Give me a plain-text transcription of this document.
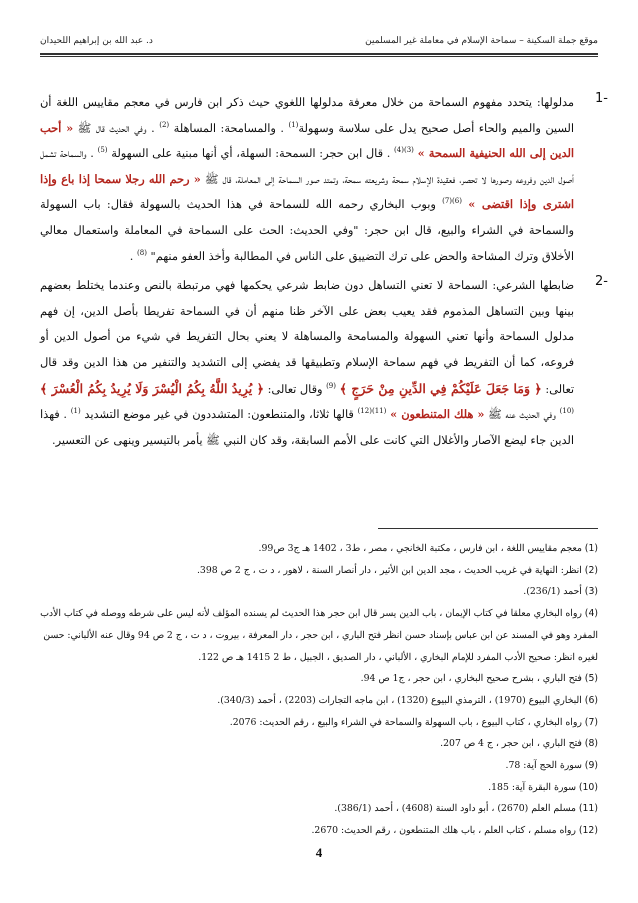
موقع جملة السكينة – سماحة الإسلام في معاملة غير المسلمين
د. عبد الله بن إبراهيم اللحيدان
-1

مدلولها: يتحدد مفهوم السماحة من خلال معرفة مدلولها اللغوي حيث ذكر ابن فارس في معجم مقاييس اللغة أن السين والميم والحاء أصل صحيح يدل على سلاسة وسهولة$^{(1)}$ . والمسامحة: المساهلة $^{(2)}$ . وفي الحديث قال ﷺ « أحب الدين إلى الله الحنيفية السمحة » $^{(3)(4)}$ . قال ابن حجر: السمحة: السهلة، أي أنها مبنية على السهولة $^{(5)}$ . والسماحة تشمل أصول الدين وفروعه وصورها لا تحصر، فعقيدة الإسلام سمحة وشريعته سمحة، وتمتد صور السماحة إلى المعاملة، قال ﷺ « رحم الله رجلا سمحا إذا باع وإذا اشترى وإذا اقتضى » $^{(6)(7)}$ وبوب البخاري رحمه الله للسماحة في هذا الحديث بالسهولة فقال: باب السهولة والسماحة في الشراء والبيع، قال ابن حجر: "وفي الحديث: الحث على السماحة في المعاملة واستعمال معالي الأخلاق وترك المشاحة والحض على ترك التضييق على الناس في المطالبة وأخذ العفو منهم" $^{(8)}$ .

-2

ضابطها الشرعي: السماحة لا تعني التساهل دون ضابط شرعي يحكمها فهي مرتبطة بالنص وعندما يختلط بعضهم بينها وبين التساهل المذموم فقد يعيب بعض على الآخر ظنا منهم أن في السماحة تفريطا بأصل الدين، إن فهم مدلول السماحة وأنها تعني السهولة والمسامحة والمساهلة لا يعني بحال التفريط في شيء من أصول الدين أو فروعه، كما أن التفريط في فهم سماحة الإسلام وتطبيقها قد يفضي إلى التشديد والتنفير من هذا الدين وقد قال تعالى: ﴿ وَمَا جَعَلَ عَلَيْكُمْ فِي الدِّينِ مِنْ حَرَجٍ ﴾ $^{(9)}$ وقال تعالى: ﴿ يُرِيدُ اللَّهُ بِكُمُ الْيُسْرَ وَلَا يُرِيدُ بِكُمُ الْعُسْرَ ﴾ $^{(10)}$ وفي الحديث عنه ﷺ « هلك المتنطعون » $^{(11)(12)}$ قالها ثلاثا، والمتنطعون: المتشددون في غير موضع التشديد $^{(1)}$ . فهذا الدين جاء ليضع الآصار والأغلال التي كانت على الأمم السابقة، وقد كان النبي ﷺ يأمر بالتيسير وينهى عن التعسير.

(1) معجم مقاييس اللغة ، ابن فارس ، مكتبة الخانجي ، مصر ، ط3 ، 1402 هـ ج3 ص99.

(2) انظر: النهاية في غريب الحديث ، مجد الدين ابن الأثير ، دار أنصار السنة ، لاهور ، د ت ، ج 2 ص 398.

(3) أحمد (236/1).

(4) رواه البخاري معلقا في كتاب الإيمان ، باب الدين يسر قال ابن حجر هذا الحديث لم يسنده المؤلف لأنه ليس على شرطه ووصله في كتاب الأدب المفرد وهو في المسند عن ابن عباس بإسناد حسن انظر فتح الباري ، ابن حجر ، دار المعرفة ، بيروت ، د ت ، ج 2 ص 94 وقال عنه الألباني: حسن لغيره انظر: صحيح الأدب المفرد للإمام البخاري ، الألباني ، دار الصديق ، الجبيل ، ط 2 1415 هـ ص 122.

(5) فتح الباري ، بشرح صحيح البخاري ، ابن حجر ، ج1 ص 94.

(6) البخاري البيوع (1970) ، الترمذي البيوع (1320) ، ابن ماجه التجارات (2203) ، أحمد (340/3).

(7) رواه البخاري ، كتاب البيوع ، باب السهولة والسماحة في الشراء والبيع ، رقم الحديث: 2076.

(8) فتح الباري ، ابن حجر ، ج 4 ص 207.

(9) سورة الحج آية: 78.

(10) سورة البقرة آية: 185.

(11) مسلم العلم (2670) ، أبو داود السنة (4608) ، أحمد (386/1).

(12) رواه مسلم ، كتاب العلم ، باب هلك المتنطعون ، رقم الحديث: 2670.

4
